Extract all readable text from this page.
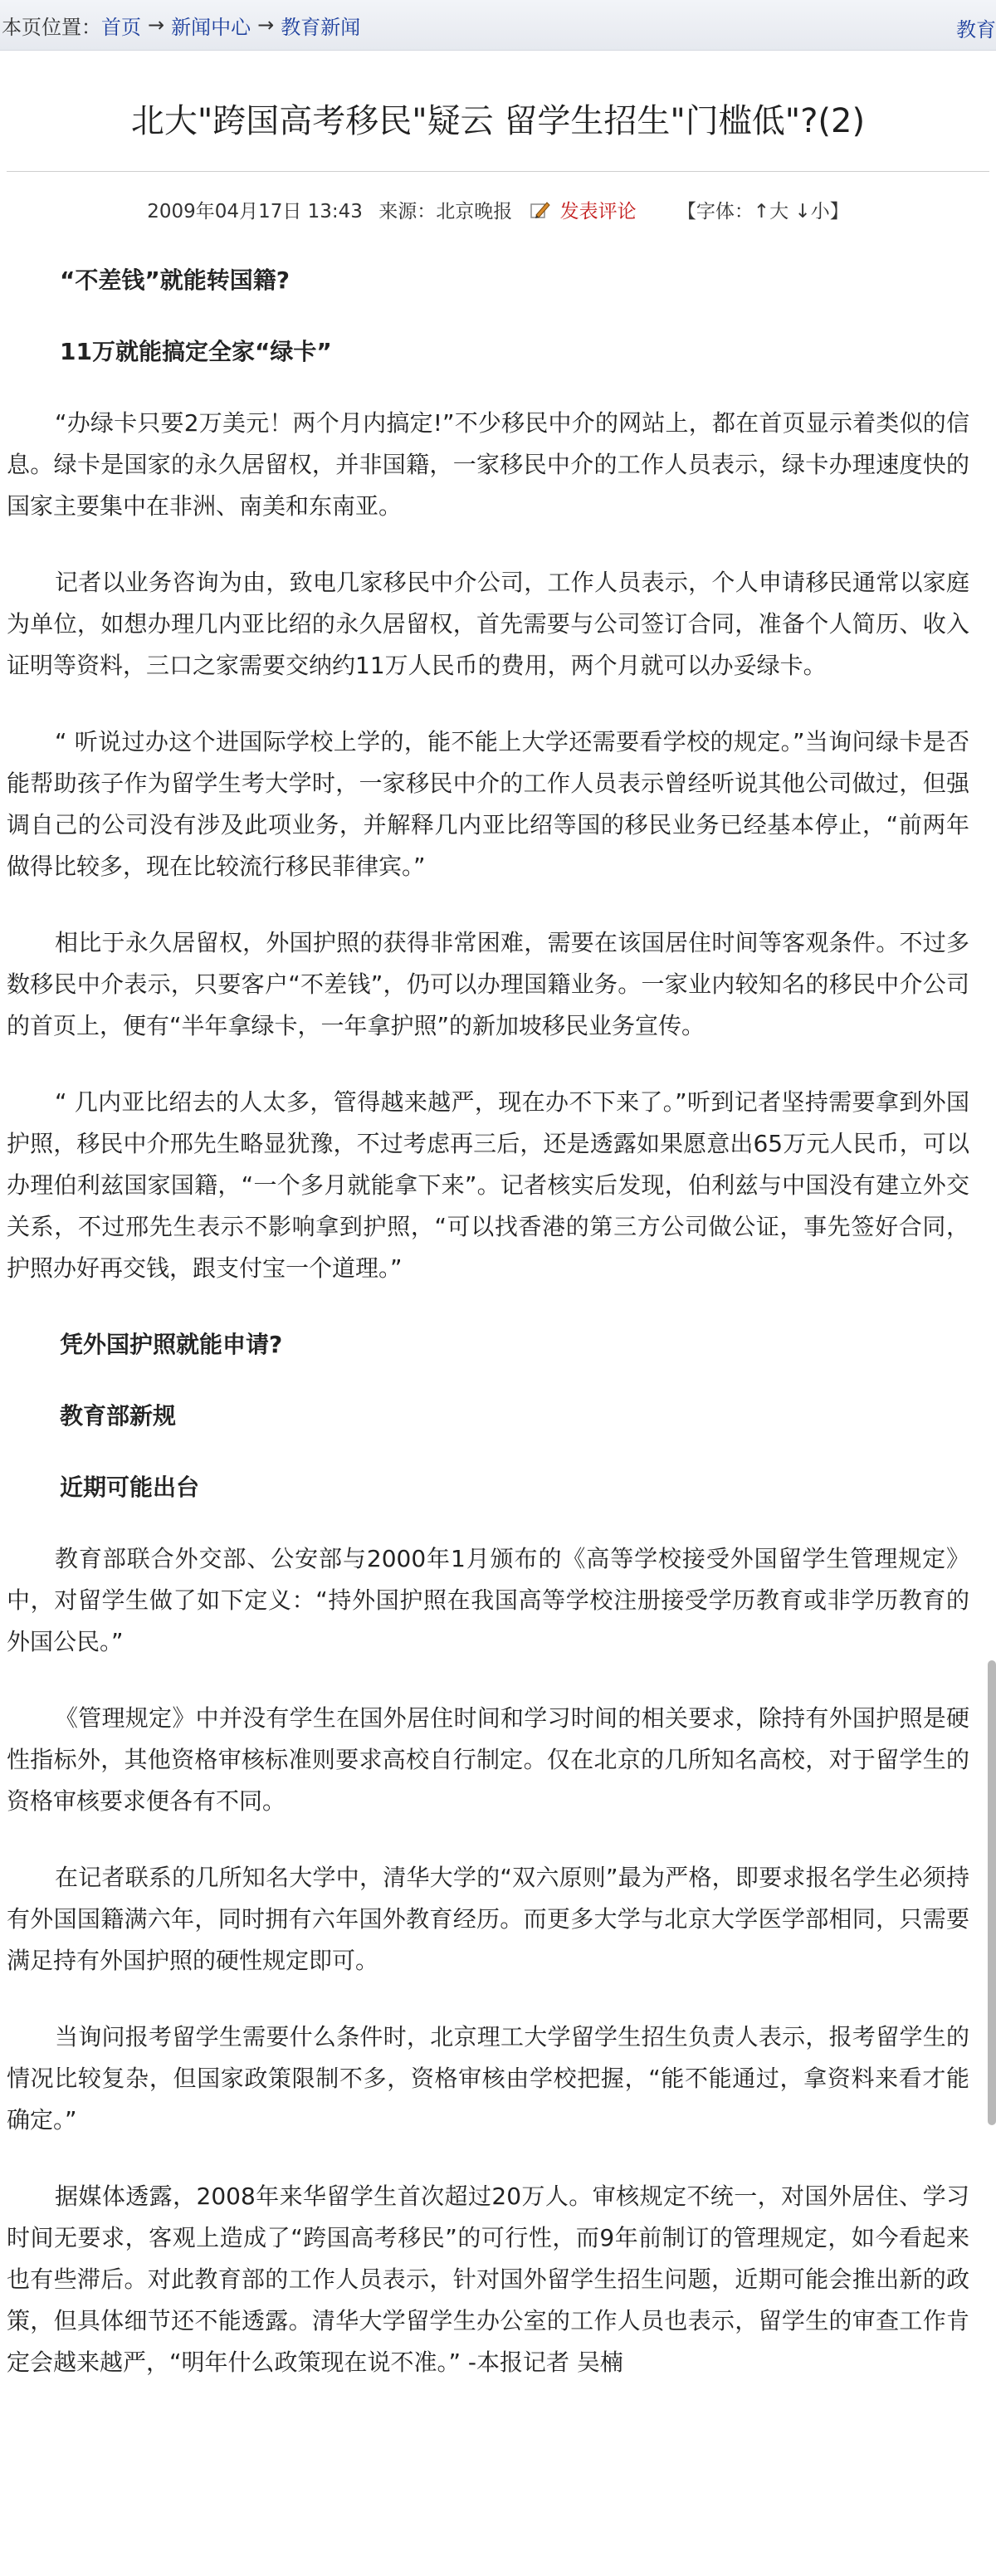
本页位置： 首页 → 新闻中心 → 教育新闻	教育
北大"跨国高考移民"疑云 留学生招生"门槛低"?(2)
2009年04月17日 13:43 来源：北京晚报 发表评论 【字体：↑大 ↓小】
“不差钱”就能转国籍?
11万就能搞定全家“绿卡”

“办绿卡只要2万美元！两个月内搞定!”不少移民中介的网站上，都在首页显示着类似的信息。绿卡是国家的永久居留权，并非国籍，一家移民中介的工作人员表示，绿卡办理速度快的国家主要集中在非洲、南美和东南亚。

记者以业务咨询为由，致电几家移民中介公司，工作人员表示，个人申请移民通常以家庭为单位，如想办理几内亚比绍的永久居留权，首先需要与公司签订合同，准备个人简历、收入证明等资料，三口之家需要交纳约11万人民币的费用，两个月就可以办妥绿卡。

“ 听说过办这个进国际学校上学的，能不能上大学还需要看学校的规定。”当询问绿卡是否能帮助孩子作为留学生考大学时，一家移民中介的工作人员表示曾经听说其他公司做过，但强调自己的公司没有涉及此项业务，并解释几内亚比绍等国的移民业务已经基本停止，“前两年做得比较多，现在比较流行移民菲律宾。”

相比于永久居留权，外国护照的获得非常困难，需要在该国居住时间等客观条件。不过多数移民中介表示，只要客户“不差钱”，仍可以办理国籍业务。一家业内较知名的移民中介公司的首页上，便有“半年拿绿卡，一年拿护照”的新加坡移民业务宣传。

“ 几内亚比绍去的人太多，管得越来越严，现在办不下来了。”听到记者坚持需要拿到外国护照，移民中介邢先生略显犹豫，不过考虑再三后，还是透露如果愿意出65万元人民币，可以办理伯利兹国家国籍，“一个多月就能拿下来”。记者核实后发现，伯利兹与中国没有建立外交关系，不过邢先生表示不影响拿到护照，“可以找香港的第三方公司做公证，事先签好合同，护照办好再交钱，跟支付宝一个道理。”

凭外国护照就能申请?
教育部新规
近期可能出台

教育部联合外交部、公安部与2000年1月颁布的《高等学校接受外国留学生管理规定》中，对留学生做了如下定义：“持外国护照在我国高等学校注册接受学历教育或非学历教育的外国公民。”

《管理规定》中并没有学生在国外居住时间和学习时间的相关要求，除持有外国护照是硬性指标外，其他资格审核标准则要求高校自行制定。仅在北京的几所知名高校，对于留学生的资格审核要求便各有不同。

在记者联系的几所知名大学中，清华大学的“双六原则”最为严格，即要求报名学生必须持有外国国籍满六年，同时拥有六年国外教育经历。而更多大学与北京大学医学部相同，只需要满足持有外国护照的硬性规定即可。

当询问报考留学生需要什么条件时，北京理工大学留学生招生负责人表示，报考留学生的情况比较复杂，但国家政策限制不多，资格审核由学校把握，“能不能通过，拿资料来看才能确定。”

据媒体透露，2008年来华留学生首次超过20万人。审核规定不统一，对国外居住、学习时间无要求，客观上造成了“跨国高考移民”的可行性，而9年前制订的管理规定，如今看起来也有些滞后。对此教育部的工作人员表示，针对国外留学生招生问题，近期可能会推出新的政策，但具体细节还不能透露。清华大学留学生办公室的工作人员也表示，留学生的审查工作肯定会越来越严，“明年什么政策现在说不准。” -本报记者 吴楠
